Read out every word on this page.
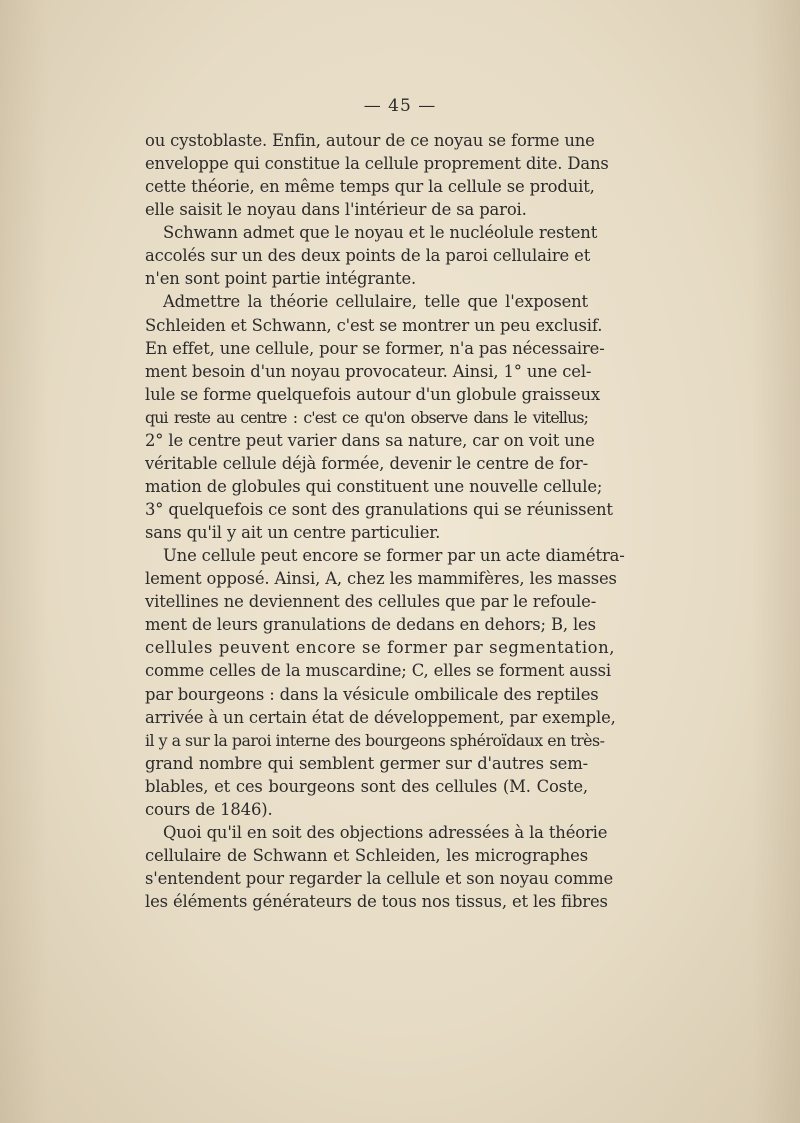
— 45 —
ou cystoblaste. Enfin, autour de ce noyau se forme une
enveloppe qui constitue la cellule proprement dite. Dans
cette théorie, en même temps qur la cellule se produit,
elle saisit le noyau dans l'intérieur de sa paroi.
Schwann admet que le noyau et le nucléolule restent
accolés sur un des deux points de la paroi cellulaire et
n'en sont point partie intégrante.
Admettre la théorie cellulaire, telle que l'exposent
Schleiden et Schwann, c'est se montrer un peu exclusif.
En effet, une cellule, pour se former, n'a pas nécessaire-
ment besoin d'un noyau provocateur. Ainsi, 1° une cel-
lule se forme quelquefois autour d'un globule graisseux
qui reste au centre : c'est ce qu'on observe dans le vitellus;
2° le centre peut varier dans sa nature, car on voit une
véritable cellule déjà formée, devenir le centre de for-
mation de globules qui constituent une nouvelle cellule;
3° quelquefois ce sont des granulations qui se réunissent
sans qu'il y ait un centre particulier.
Une cellule peut encore se former par un acte diamétra-
lement opposé. Ainsi, A, chez les mammifères, les masses
vitellines ne deviennent des cellules que par le refoule-
ment de leurs granulations de dedans en dehors; B, les
cellules peuvent encore se former par segmentation,
comme celles de la muscardine; C, elles se forment aussi
par bourgeons : dans la vésicule ombilicale des reptiles
arrivée à un certain état de développement, par exemple,
il y a sur la paroi interne des bourgeons sphéroïdaux en très-
grand nombre qui semblent germer sur d'autres sem-
blables, et ces bourgeons sont des cellules (M. Coste,
cours de 1846).
Quoi qu'il en soit des objections adressées à la théorie
cellulaire de Schwann et Schleiden, les micrographes
s'entendent pour regarder la cellule et son noyau comme
les éléments générateurs de tous nos tissus, et les fibres
